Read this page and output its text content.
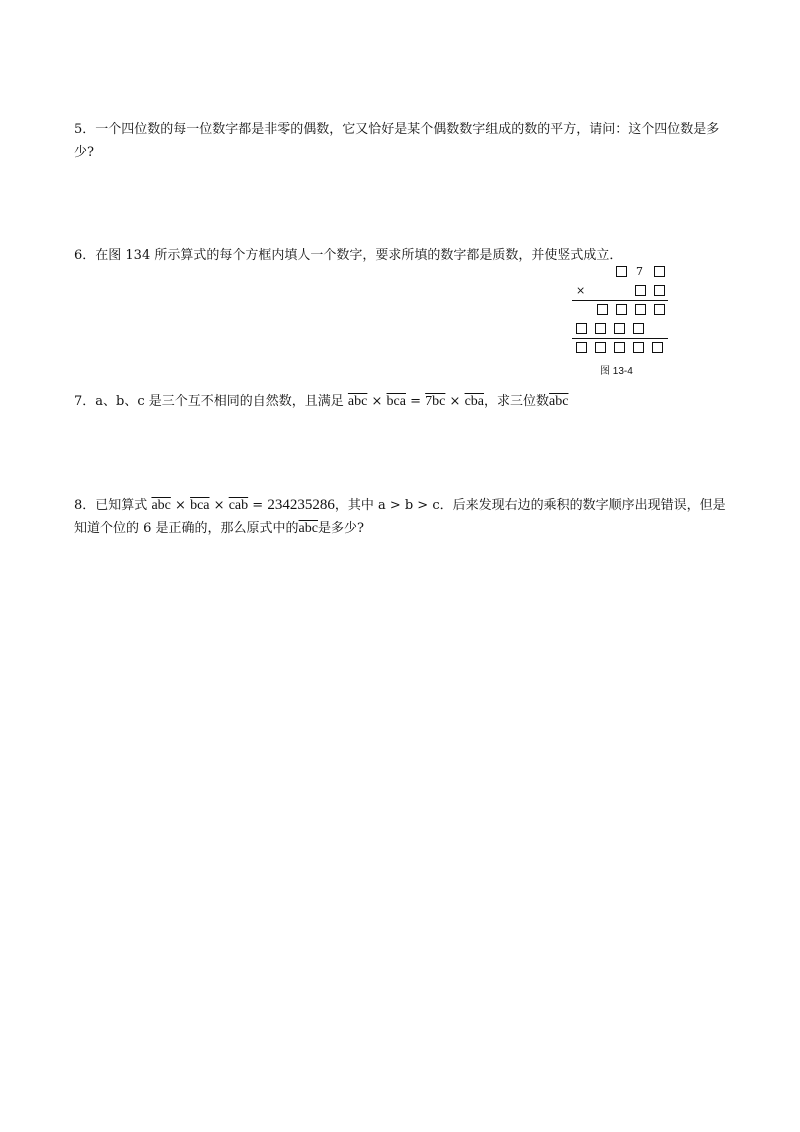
5．一个四位数的每一位数字都是非零的偶数，它又恰好是某个偶数数字组成的数的平方，请问：这个四位数是多少?
6．在图 134 所示算式的每个方框内填人一个数字，要求所填的数字都是质数，并使竖式成立．
7
×
图 13-4
7．a、b、c 是三个互不相同的自然数，且满足 $\overline{abc} \times \overline{bca} = 7bc \times \overline{cba}$，求三位数$\overline{abc}$
8．已知算式 $\overline{abc} \times \overline{bca} \times \overline{cab} = 234235286$，其中 a > b > c．后来发现右边的乘积的数字顺序出现错误，但是知道个位的 6 是正确的，那么原式中的$\overline{abc}$是多少?
